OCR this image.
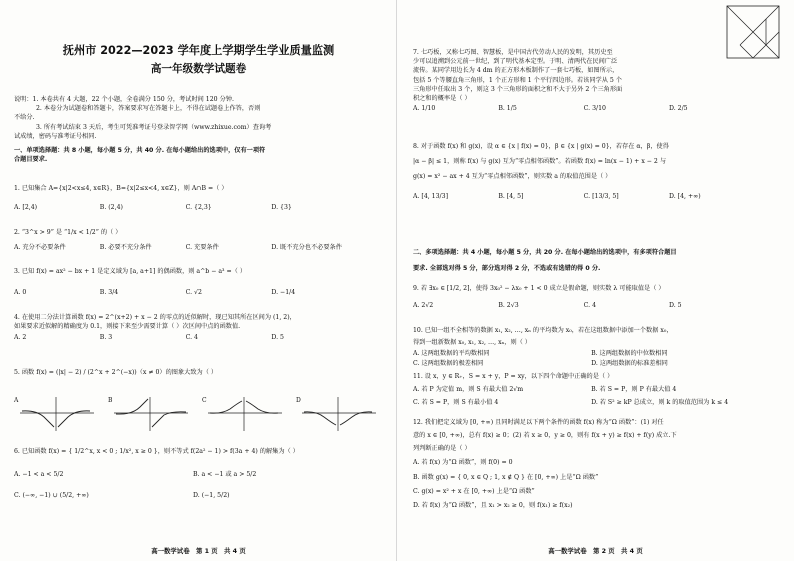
抚州市 2022—2023 学年度上学期学生学业质量监测
高一年级数学试题卷
说明：1. 本卷共有 4 大题，22 个小题，全卷满分 150 分，考试时间 120 分钟.
2. 本卷分为试题卷和答题卡，答案要求写在答题卡上，不得在试题卷上作答，否则
不给分.
3. 所有考试结束 3 天后，考生可凭准考证号登录智学网（www.zhixue.com）查询考
试成绩，密码与准考证号相同.
一、单项选择题：共 8 小题，每小题 5 分，共 40 分. 在每小题给出的选项中，仅有一项符
合题目要求.
1. 已知集合 A={x|2<x≤4, x∈R}，B={x|2≤x<4, x∈Z}，则 A∩B =（ ）
A. [2,4)	B. (2,4)	C. {2,3}	D. {3}
2. “3^x > 9” 是 “1/x < 1/2” 的（ ）
A. 充分不必要条件	B. 必要不充分条件	C. 充要条件	D. 既不充分也不必要条件
3. 已知 f(x) = ax² − bx + 1 是定义域为 [a, a+1] 的偶函数，则 a^b − a³ =（ ）
A. 0	B. 3/4	C. √2	D. −1/4
4. 在使用二分法计算函数 f(x) = 2^(x+2) + x − 2 的零点的近似解时，现已知其所在区间为 (1, 2)，
如果要求近似解的精确度为 0.1，则接下来至少需要计算（ ）次区间中点的函数值.
A. 2	B. 3	C. 4	D. 5
5. 函数 f(x) = (|x| − 2) / (2^x + 2^(−x))（x ≠ 0）的图象大致为（ ）
A	B	C	D
6. 已知函数 f(x) = { 1/2^x, x < 0 ; 1/x², x ≥ 0 }，则不等式 f(2a² − 1) > f(3a + 4) 的解集为（ ）
A. −1 < a < 5/2	B. a < −1 或 a > 5/2
C. (−∞, −1) ∪ (5/2, +∞)	D. (−1, 5/2)
高一数学试卷　第 1 页　共 4 页
7. 七巧板，又称七巧图、智慧板，是中国古代劳动人民的发明，其历史至
少可以追溯到公元前一世纪，到了明代基本定型。于明、清两代在民间广泛
流传。某同学用边长为 4 dm 的正方形木板制作了一套七巧板，如图所示，
包括 5 个等腰直角三角形，1 个正方形和 1 个平行四边形。若该同学从 5 个
三角形中任取出 3 个，则这 3 个三角形的面积之和不大于另外 2 个三角形面
积之和的概率是（ ）
A. 1/10	B. 1/5	C. 3/10	D. 2/5
8. 对于函数 f(x) 和 g(x)，设 α ∈ {x | f(x) = 0}，β ∈ {x | g(x) = 0}，若存在 α，β，使得
|α − β| ≤ 1，则称 f(x) 与 g(x) 互为“零点相邻函数”。若函数 f(x) = ln(x − 1) + x − 2 与
g(x) = x² − ax + 4 互为“零点相邻函数”，则实数 a 的取值范围是（ ）
A. [4, 13/3]	B. [4, 5]	C. [13/3, 5]	D. [4, +∞)
二、多项选择题：共 4 小题，每小题 5 分，共 20 分. 在每小题给出的选项中，有多项符合题目
要求. 全部选对得 5 分，部分选对得 2 分，不选或有选错的得 0 分.
9. 若 ∃x₀ ∈ [1/2, 2]，使得 3x₀² − λx₀ + 1 < 0 成立是假命题，则实数 λ 可能取值是（ ）
A. 2√2	B. 2√3	C. 4	D. 5
10. 已知一组不全相等的数据 x₁, x₂, …, xₙ 的平均数为 x₀，若在这组数据中添加一个数据 x₀，
得到一组新数据 x₀, x₁, x₂, …, xₙ，则（ ）
A. 这两组数据的平均数相同	B. 这两组数据的中位数相同
C. 这两组数据的极差相同	D. 这两组数据的标准差相同
11. 设 x，y ∈ R₊，S = x + y，P = xy，以下四个命题中正确的是（ ）
A. 若 P 为定值 m，则 S 有最大值 2√m	B. 若 S = P，则 P 有最大值 4
C. 若 S = P，则 S 有最小值 4	D. 若 S² ≥ kP 总成立，则 k 的取值范围为 k ≤ 4
12. 我们把定义域为 [0, +∞) 且同时满足以下两个条件的函数 f(x) 称为“Ω 函数”：(1) 对任
意的 x ∈ [0, +∞)，总有 f(x) ≥ 0；(2) 若 x ≥ 0，y ≥ 0，则有 f(x + y) ≥ f(x) + f(y) 成立.下
列判断正确的是（ ）
A. 若 f(x) 为“Ω 函数”，则 f(0) = 0
B. 函数 g(x) = { 0, x ∈ Q ; 1, x ∉ Q } 在 [0, +∞) 上是“Ω 函数”
C. g(x) = x² + x 在 [0, +∞) 上是“Ω 函数”
D. 若 f(x) 为“Ω 函数”，且 x₁ > x₂ ≥ 0，则 f(x₁) ≥ f(x₂)
高一数学试卷　第 2 页　共 4 页
